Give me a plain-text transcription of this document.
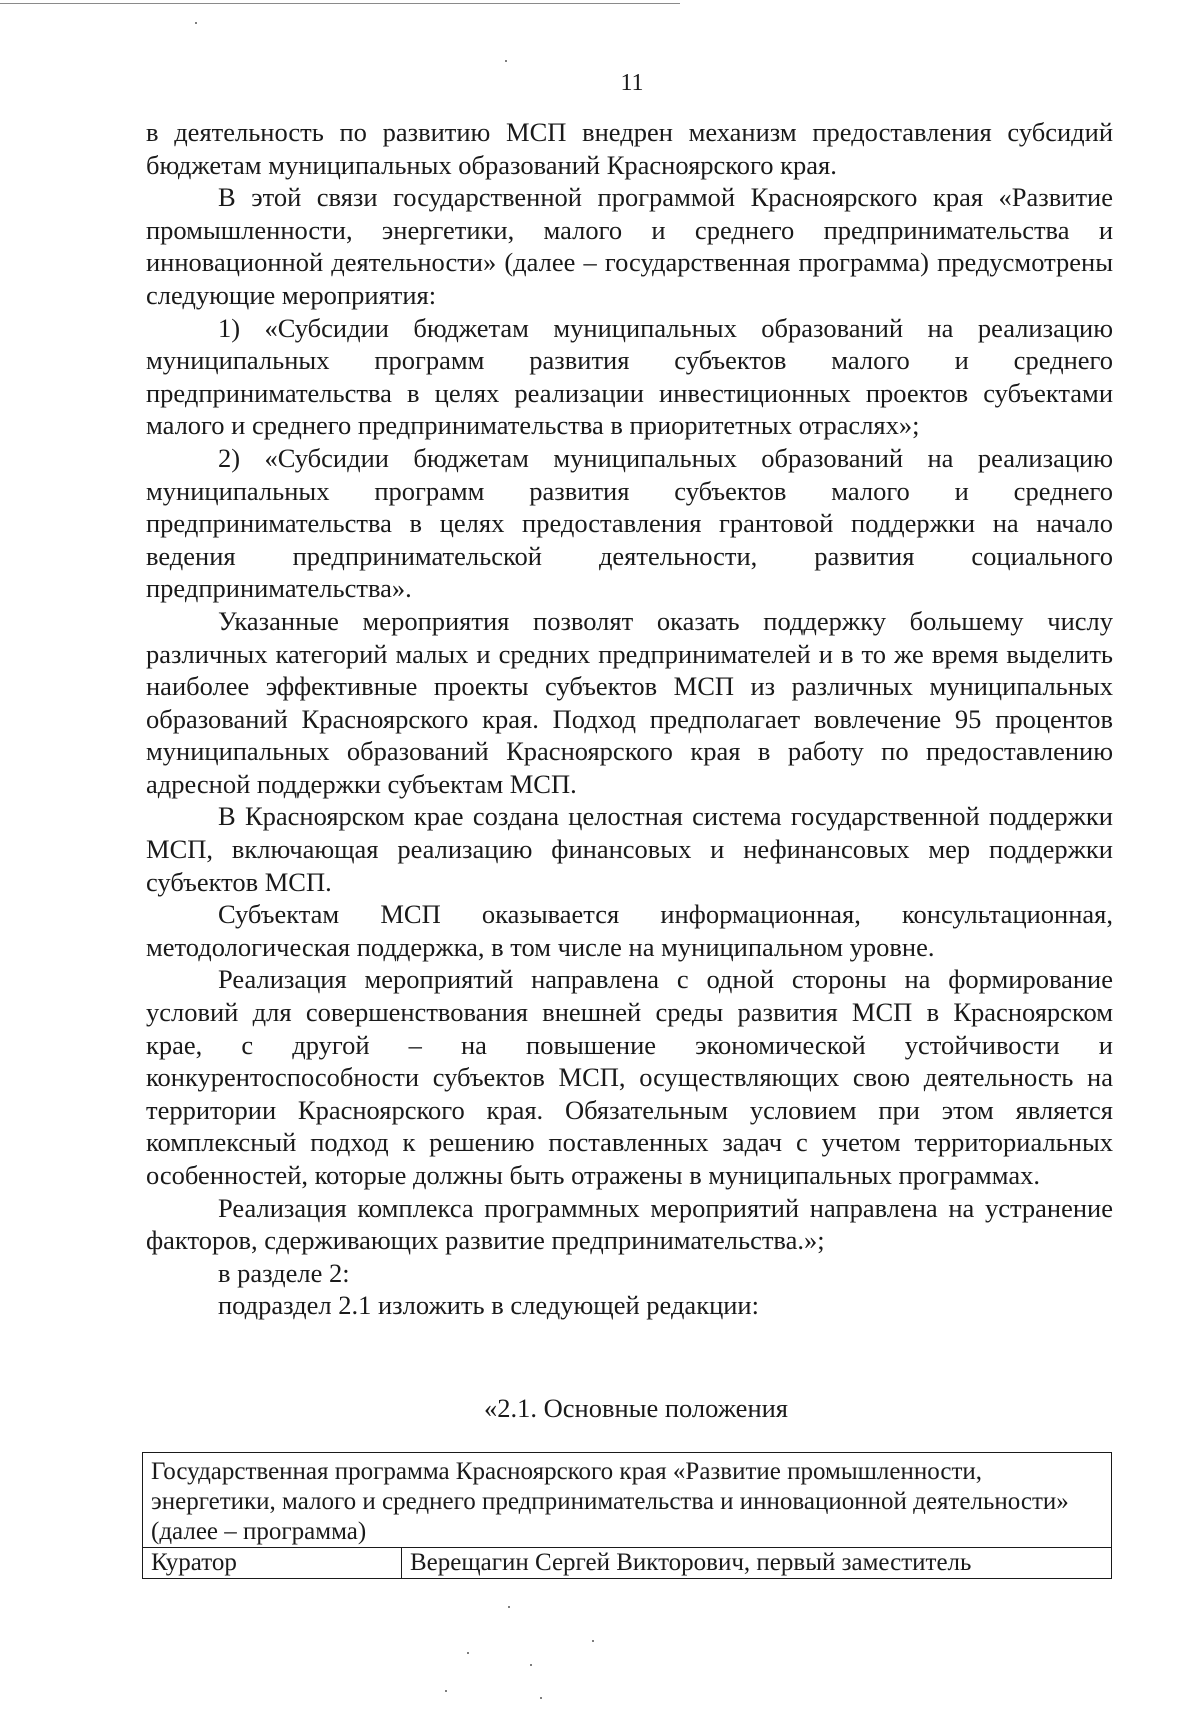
11

в деятельность по развитию МСП внедрен механизм предоставления субсидий бюджетам муниципальных образований Красноярского края.

В этой связи государственной программой Красноярского края «Развитие промышленности, энергетики, малого и среднего предпринимательства и инновационной деятельности» (далее – государственная программа) предусмотрены следующие мероприятия:

1) «Субсидии бюджетам муниципальных образований на реализацию муниципальных программ развития субъектов малого и среднего предпринимательства в целях реализации инвестиционных проектов субъектами малого и среднего предпринимательства в приоритетных отраслях»;

2) «Субсидии бюджетам муниципальных образований на реализацию муниципальных программ развития субъектов малого и среднего предпринимательства в целях предоставления грантовой поддержки на начало ведения предпринимательской деятельности, развития социального предпринимательства».

Указанные мероприятия позволят оказать поддержку большему числу различных категорий малых и средних предпринимателей и в то же время выделить наиболее эффективные проекты субъектов МСП из различных муниципальных образований Красноярского края. Подход предполагает вовлечение 95 процентов муниципальных образований Красноярского края в работу по предоставлению адресной поддержки субъектам МСП.

В Красноярском крае создана целостная система государственной поддержки МСП, включающая реализацию финансовых и нефинансовых мер поддержки субъектов МСП.

Субъектам МСП оказывается информационная, консультационная, методологическая поддержка, в том числе на муниципальном уровне.

Реализация мероприятий направлена с одной стороны на формирование условий для совершенствования внешней среды развития МСП в Красноярском крае, с другой – на повышение экономической устойчивости и конкурентоспособности субъектов МСП, осуществляющих свою деятельность на территории Красноярского края. Обязательным условием при этом является комплексный подход к решению поставленных задач с учетом территориальных особенностей, которые должны быть отражены в муниципальных программах.

Реализация комплекса программных мероприятий направлена на устранение факторов, сдерживающих развитие предпринимательства.»;

в разделе 2:

подраздел 2.1 изложить в следующей редакции:

«2.1. Основные положения
Государственная программа Красноярского края «Развитие промышленности, энергетики, малого и среднего предпринимательства и инновационной деятельности» (далее – программа)
Куратор	Верещагин Сергей Викторович, первый заместитель
